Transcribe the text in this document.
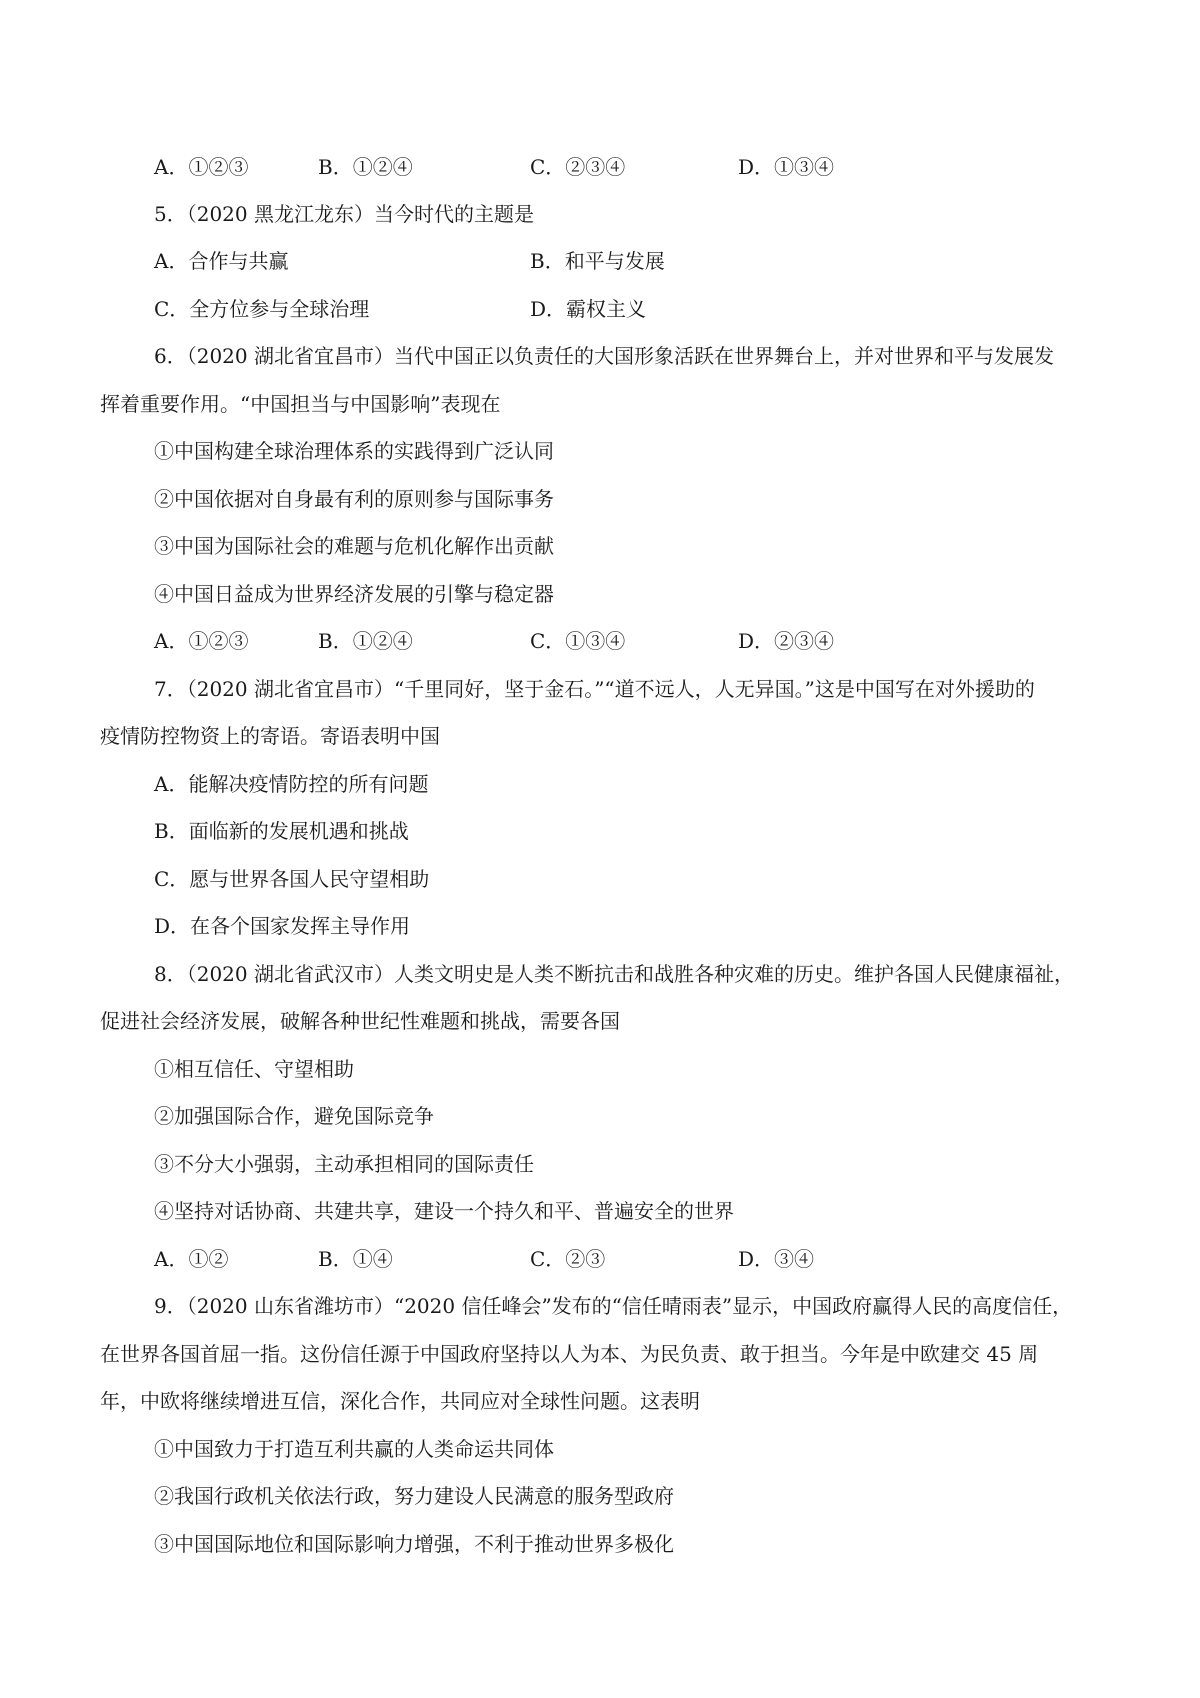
A．①②③	B．①②④	C．②③④	D．①③④
5．（2020 黑龙江龙东）当今时代的主题是
A．合作与共赢	B．和平与发展
C．全方位参与全球治理	D．霸权主义
6．（2020 湖北省宜昌市）当代中国正以负责任的大国形象活跃在世界舞台上，并对世界和平与发展发
挥着重要作用。“中国担当与中国影响”表现在
①中国构建全球治理体系的实践得到广泛认同
②中国依据对自身最有利的原则参与国际事务
③中国为国际社会的难题与危机化解作出贡献
④中国日益成为世界经济发展的引擎与稳定器
A．①②③	B．①②④	C．①③④	D．②③④
7．（2020 湖北省宜昌市）“千里同好，坚于金石。”“道不远人，人无异国。”这是中国写在对外援助的
疫情防控物资上的寄语。寄语表明中国
A．能解决疫情防控的所有问题
B．面临新的发展机遇和挑战
C．愿与世界各国人民守望相助
D．在各个国家发挥主导作用
8．（2020 湖北省武汉市）人类文明史是人类不断抗击和战胜各种灾难的历史。维护各国人民健康福祉，
促进社会经济发展，破解各种世纪性难题和挑战，需要各国
①相互信任、守望相助
②加强国际合作，避免国际竞争
③不分大小强弱，主动承担相同的国际责任
④坚持对话协商、共建共享，建设一个持久和平、普遍安全的世界
A．①②	B．①④	C．②③	D．③④
9．（2020 山东省潍坊市）“2020 信任峰会”发布的“信任晴雨表”显示，中国政府赢得人民的高度信任，
在世界各国首屈一指。这份信任源于中国政府坚持以人为本、为民负责、敢于担当。今年是中欧建交 45 周
年，中欧将继续增进互信，深化合作，共同应对全球性问题。这表明
①中国致力于打造互利共赢的人类命运共同体
②我国行政机关依法行政，努力建设人民满意的服务型政府
③中国国际地位和国际影响力增强，不利于推动世界多极化
